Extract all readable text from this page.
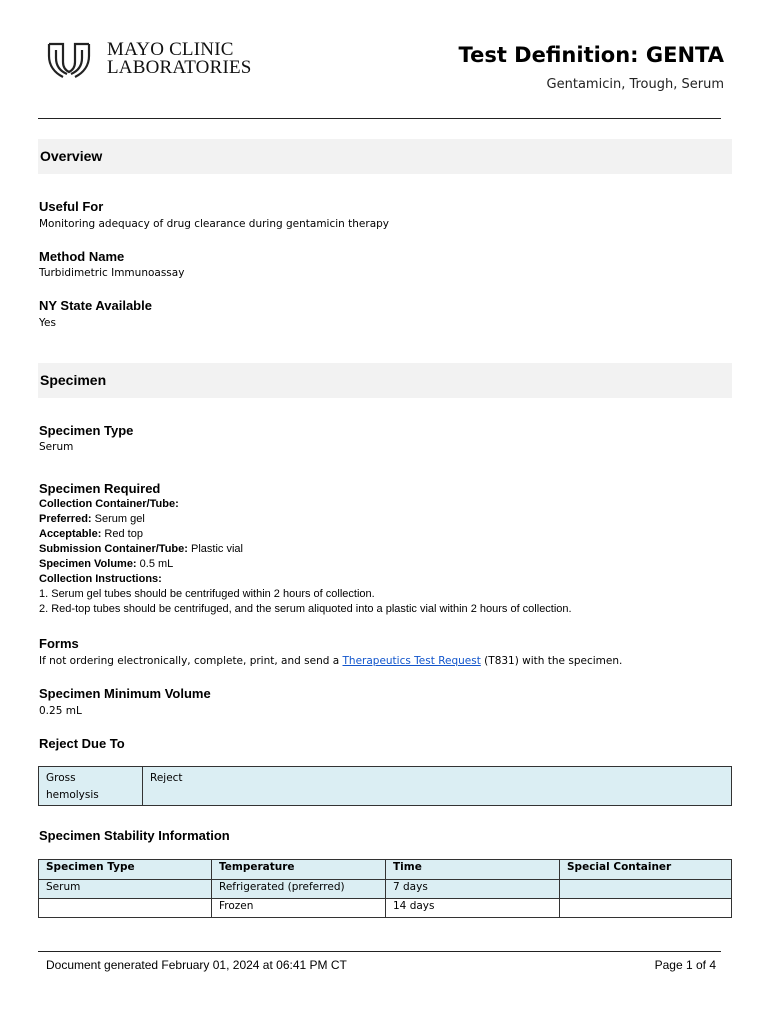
MAYO CLINIC
LABORATORIES
Test Definition: GENTA
Gentamicin, Trough, Serum
Overview
Useful For
Monitoring adequacy of drug clearance during gentamicin therapy
Method Name
Turbidimetric Immunoassay
NY State Available
Yes
Specimen
Specimen Type
Serum
Specimen Required
Collection Container/Tube:
Preferred: Serum gel
Acceptable: Red top
Submission Container/Tube: Plastic vial
Specimen Volume: 0.5 mL
Collection Instructions:
1. Serum gel tubes should be centrifuged within 2 hours of collection.
2. Red-top tubes should be centrifuged, and the serum aliquoted into a plastic vial within 2 hours of collection.
Forms
If not ordering electronically, complete, print, and send a Therapeutics Test Request (T831) with the specimen.
Specimen Minimum Volume
0.25 mL
Reject Due To
Gross
hemolysis
	Reject
Specimen Stability Information
Specimen Type	Temperature	Time	Special Container
Serum	Refrigerated (preferred)	7 days	
	Frozen	14 days	
Document generated February 01, 2024 at 06:41 PM CT	Page 1 of 4
